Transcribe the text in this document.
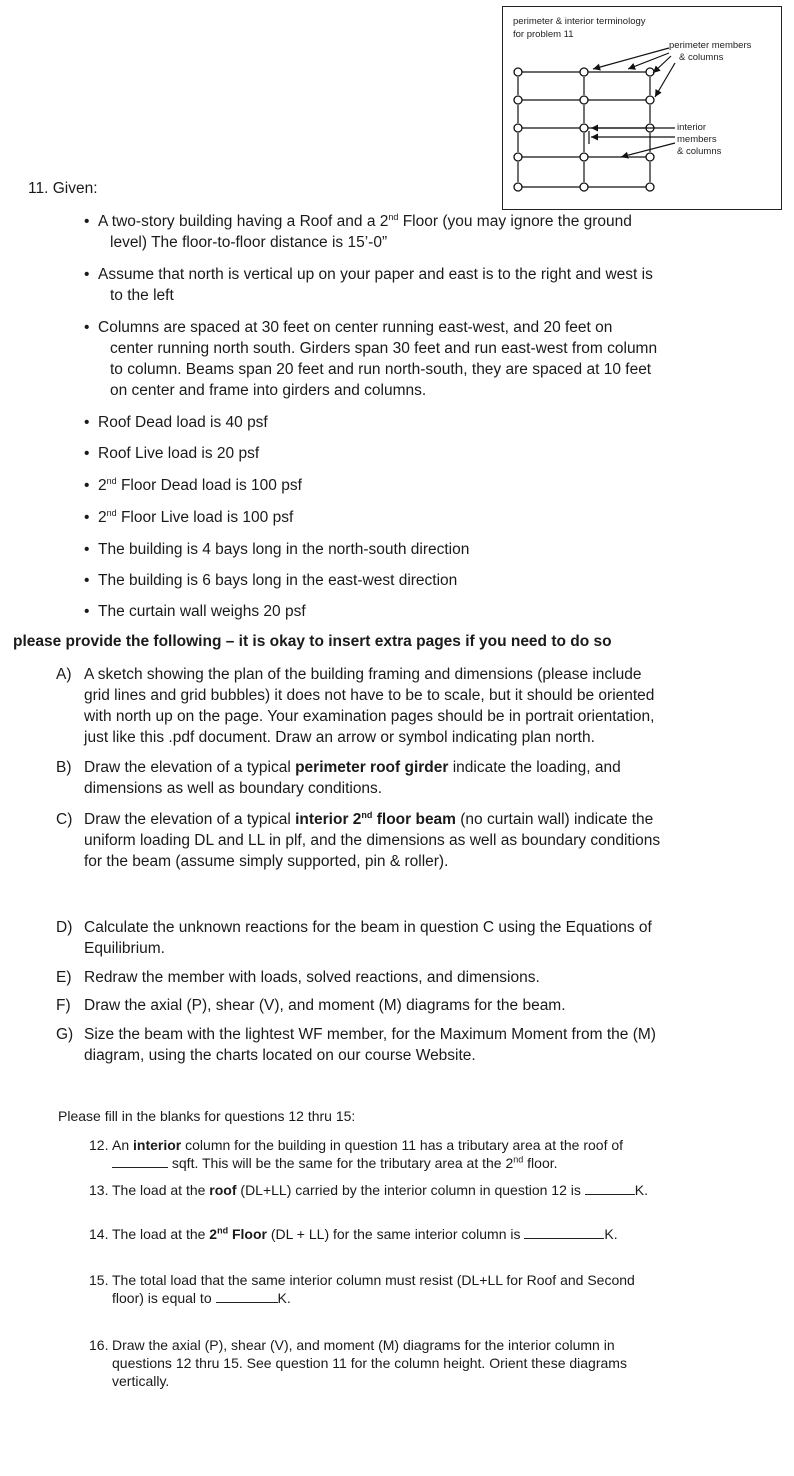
perimeter & interior terminology
for problem 11
perimeter members
& columns
interior
members
& columns
11. Given:
• A two-story building having a Roof and a 2nd Floor (you may ignore the ground
level) The floor-to-floor distance is 15’-0”
• Assume that north is vertical up on your paper and east is to the right and west is
to the left
• Columns are spaced at 30 feet on center running east-west, and 20 feet on
center running north south. Girders span 30 feet and run east-west from column
to column. Beams span 20 feet and run north-south, they are spaced at 10 feet
on center and frame into girders and columns.
• Roof Dead load is 40 psf
• Roof Live load is 20 psf
• 2nd Floor Dead load is 100 psf
• 2nd Floor Live load is 100 psf
• The building is 4 bays long in the north-south direction
• The building is 6 bays long in the east-west direction
• The curtain wall weighs 20 psf
please provide the following – it is okay to insert extra pages if you need to do so
A) A sketch showing the plan of the building framing and dimensions (please include
grid lines and grid bubbles) it does not have to be to scale, but it should be oriented
with north up on the page. Your examination pages should be in portrait orientation,
just like this .pdf document. Draw an arrow or symbol indicating plan north.
B) Draw the elevation of a typical perimeter roof girder indicate the loading, and
dimensions as well as boundary conditions.
C) Draw the elevation of a typical interior 2nd floor beam (no curtain wall) indicate the
uniform loading DL and LL in plf, and the dimensions as well as boundary conditions
for the beam (assume simply supported, pin & roller).
D) Calculate the unknown reactions for the beam in question C using the Equations of
Equilibrium.
E) Redraw the member with loads, solved reactions, and dimensions.
F) Draw the axial (P), shear (V), and moment (M) diagrams for the beam.
G) Size the beam with the lightest WF member, for the Maximum Moment from the (M)
diagram, using the charts located on our course Website.
Please fill in the blanks for questions 12 thru 15:
12. An interior column for the building in question 11 has a tributary area at the roof of
sqft. This will be the same for the tributary area at the 2nd floor.
13. The load at the roof (DL+LL) carried by the interior column in question 12 is	K.
14. The load at the 2nd Floor (DL + LL) for the same interior column is	K.
15. The total load that the same interior column must resist (DL+LL for Roof and Second
floor) is equal to	K.
16. Draw the axial (P), shear (V), and moment (M) diagrams for the interior column in
questions 12 thru 15. See question 11 for the column height. Orient these diagrams
vertically.
